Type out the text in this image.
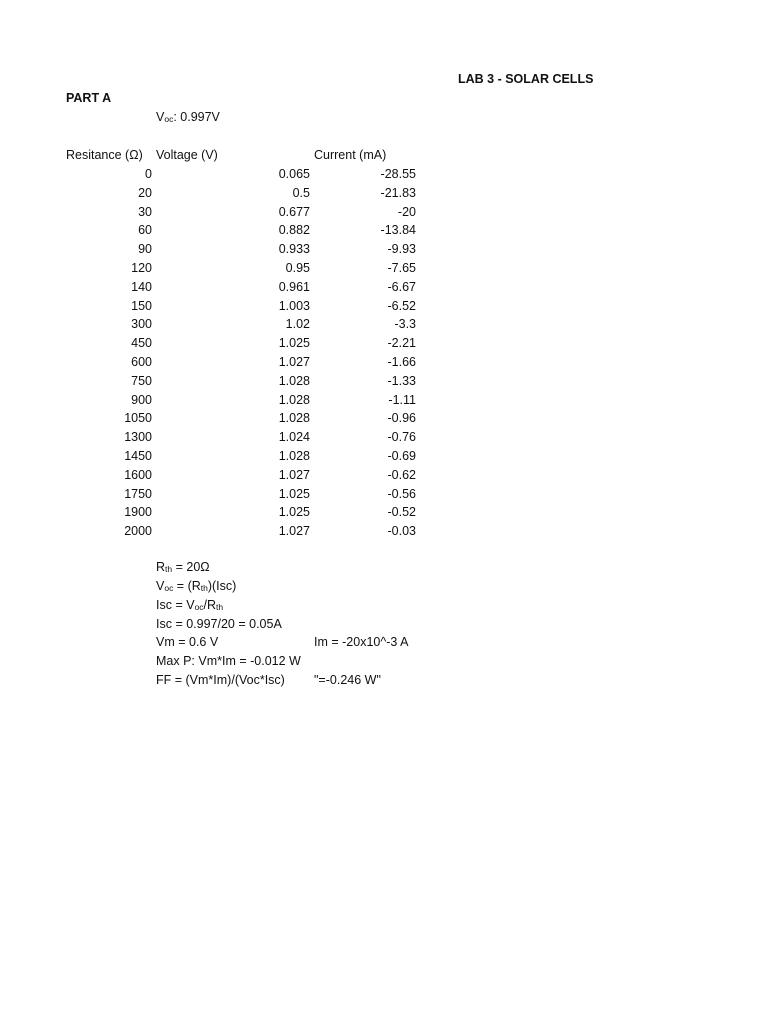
LAB 3 - SOLAR CELLS
PART A
$V_{oc}$: 0.997V
Resitance (Ω) Voltage (V)	Current (mA)
0	0.065	-28.55
20	0.5	-21.83
30	0.677	-20
60	0.882	-13.84
90	0.933	-9.93
120	0.95	-7.65
140	0.961	-6.67
150	1.003	-6.52
300	1.02	-3.3
450	1.025	-2.21
600	1.027	-1.66
750	1.028	-1.33
900	1.028	-1.11
1050	1.028	-0.96
1300	1.024	-0.76
1450	1.028	-0.69
1600	1.027	-0.62
1750	1.025	-0.56
1900	1.025	-0.52
2000	1.027	-0.03
$R_{th} = 20\Omega$
$V_{oc} = (R_{th})(Isc)$
Isc = $V_{oc}/R_{th}$
Isc = 0.997/20 = 0.05A
Vm = 0.6 V	Im = -20x10^-3 A
Max P: Vm*Im = -0.012 W
FF = (Vm*Im)/(Voc*Isc) "=-0.246 W"
